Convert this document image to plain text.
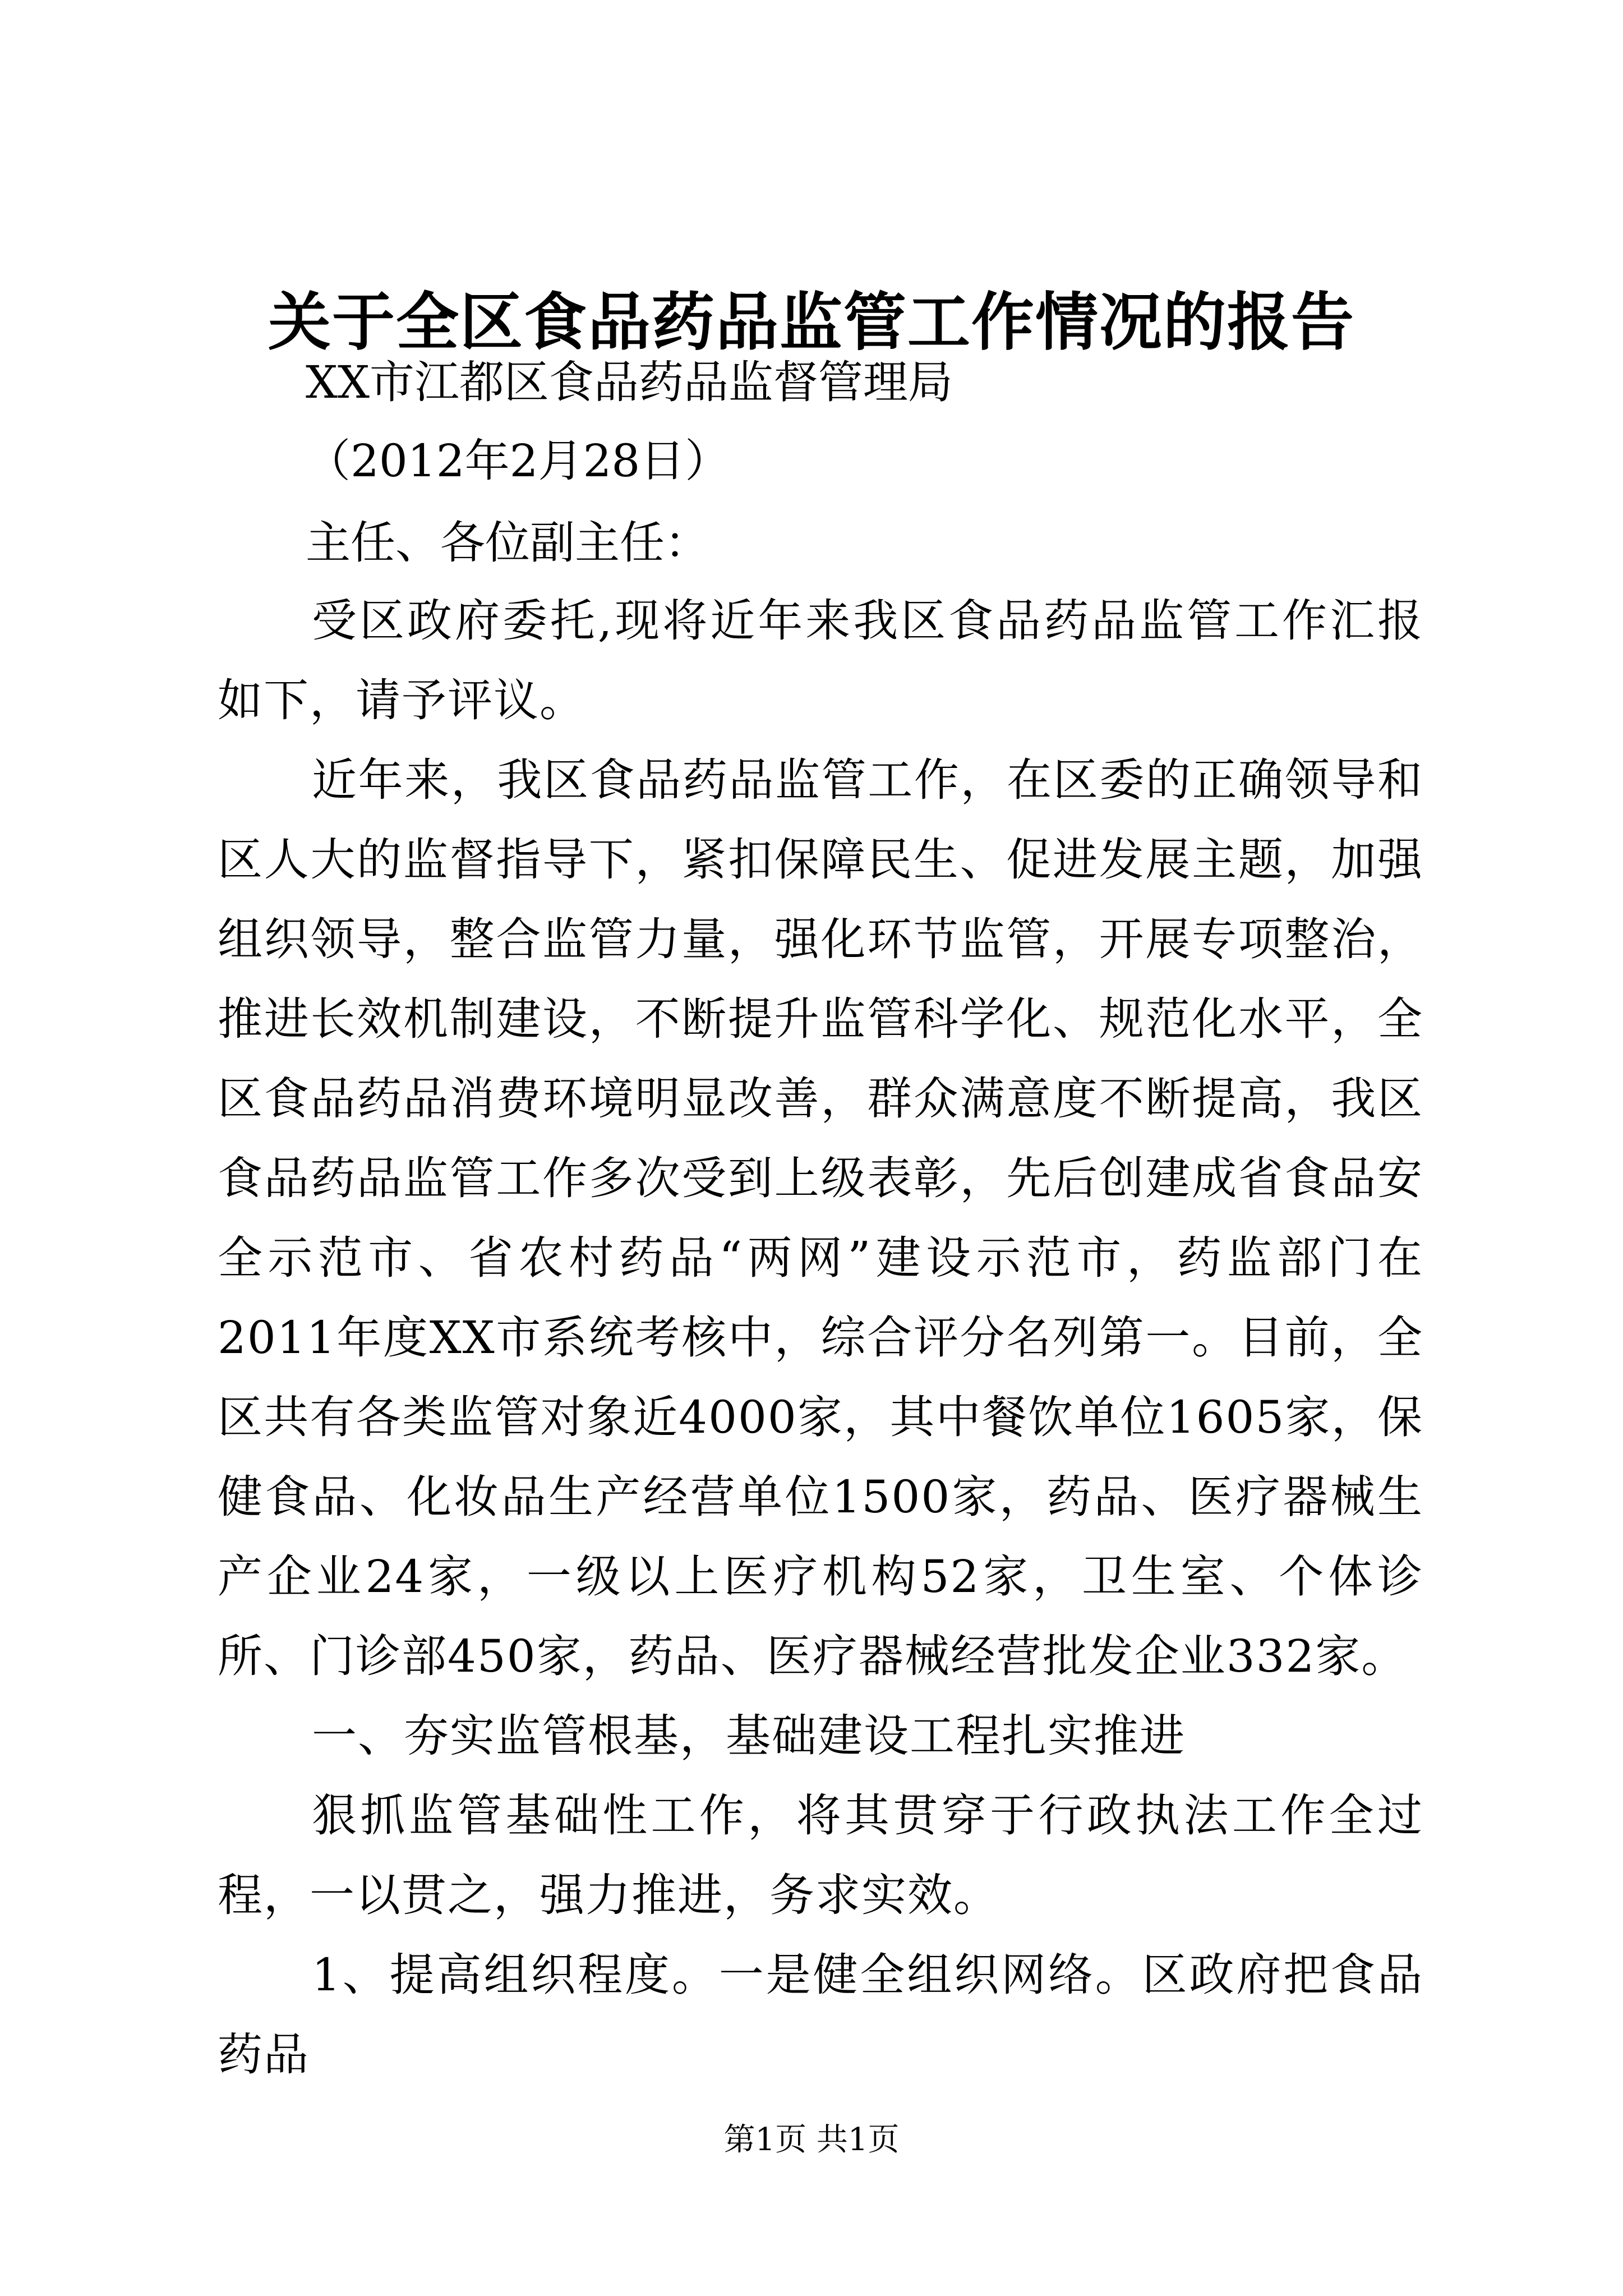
关于全区食品药品监管工作情况的报告
XX市江都区食品药品监督管理局
（2012年2月28日）
主任、各位副主任：

受区政府委托,现将近年来我区食品药品监管工作汇报如下，请予评议。

近年来，我区食品药品监管工作，在区委的正确领导和区人大的监督指导下，紧扣保障民生、促进发展主题，加强组织领导，整合监管力量，强化环节监管，开展专项整治，推进长效机制建设，不断提升监管科学化、规范化水平，全区食品药品消费环境明显改善，群众满意度不断提高，我区食品药品监管工作多次受到上级表彰，先后创建成省食品安全示范市、省农村药品“两网”建设示范市，药监部门在2011年度XX市系统考核中，综合评分名列第一。目前，全区共有各类监管对象近4000家，其中餐饮单位1605家，保健食品、化妆品生产经营单位1500家，药品、医疗器械生产企业24家，一级以上医疗机构52家，卫生室、个体诊所、门诊部450家，药品、医疗器械经营批发企业332家。

一、夯实监管根基，基础建设工程扎实推进

狠抓监管基础性工作，将其贯穿于行政执法工作全过程，一以贯之，强力推进，务求实效。

1、提高组织程度。一是健全组织网络。区政府把食品药品

第1页 共1页
